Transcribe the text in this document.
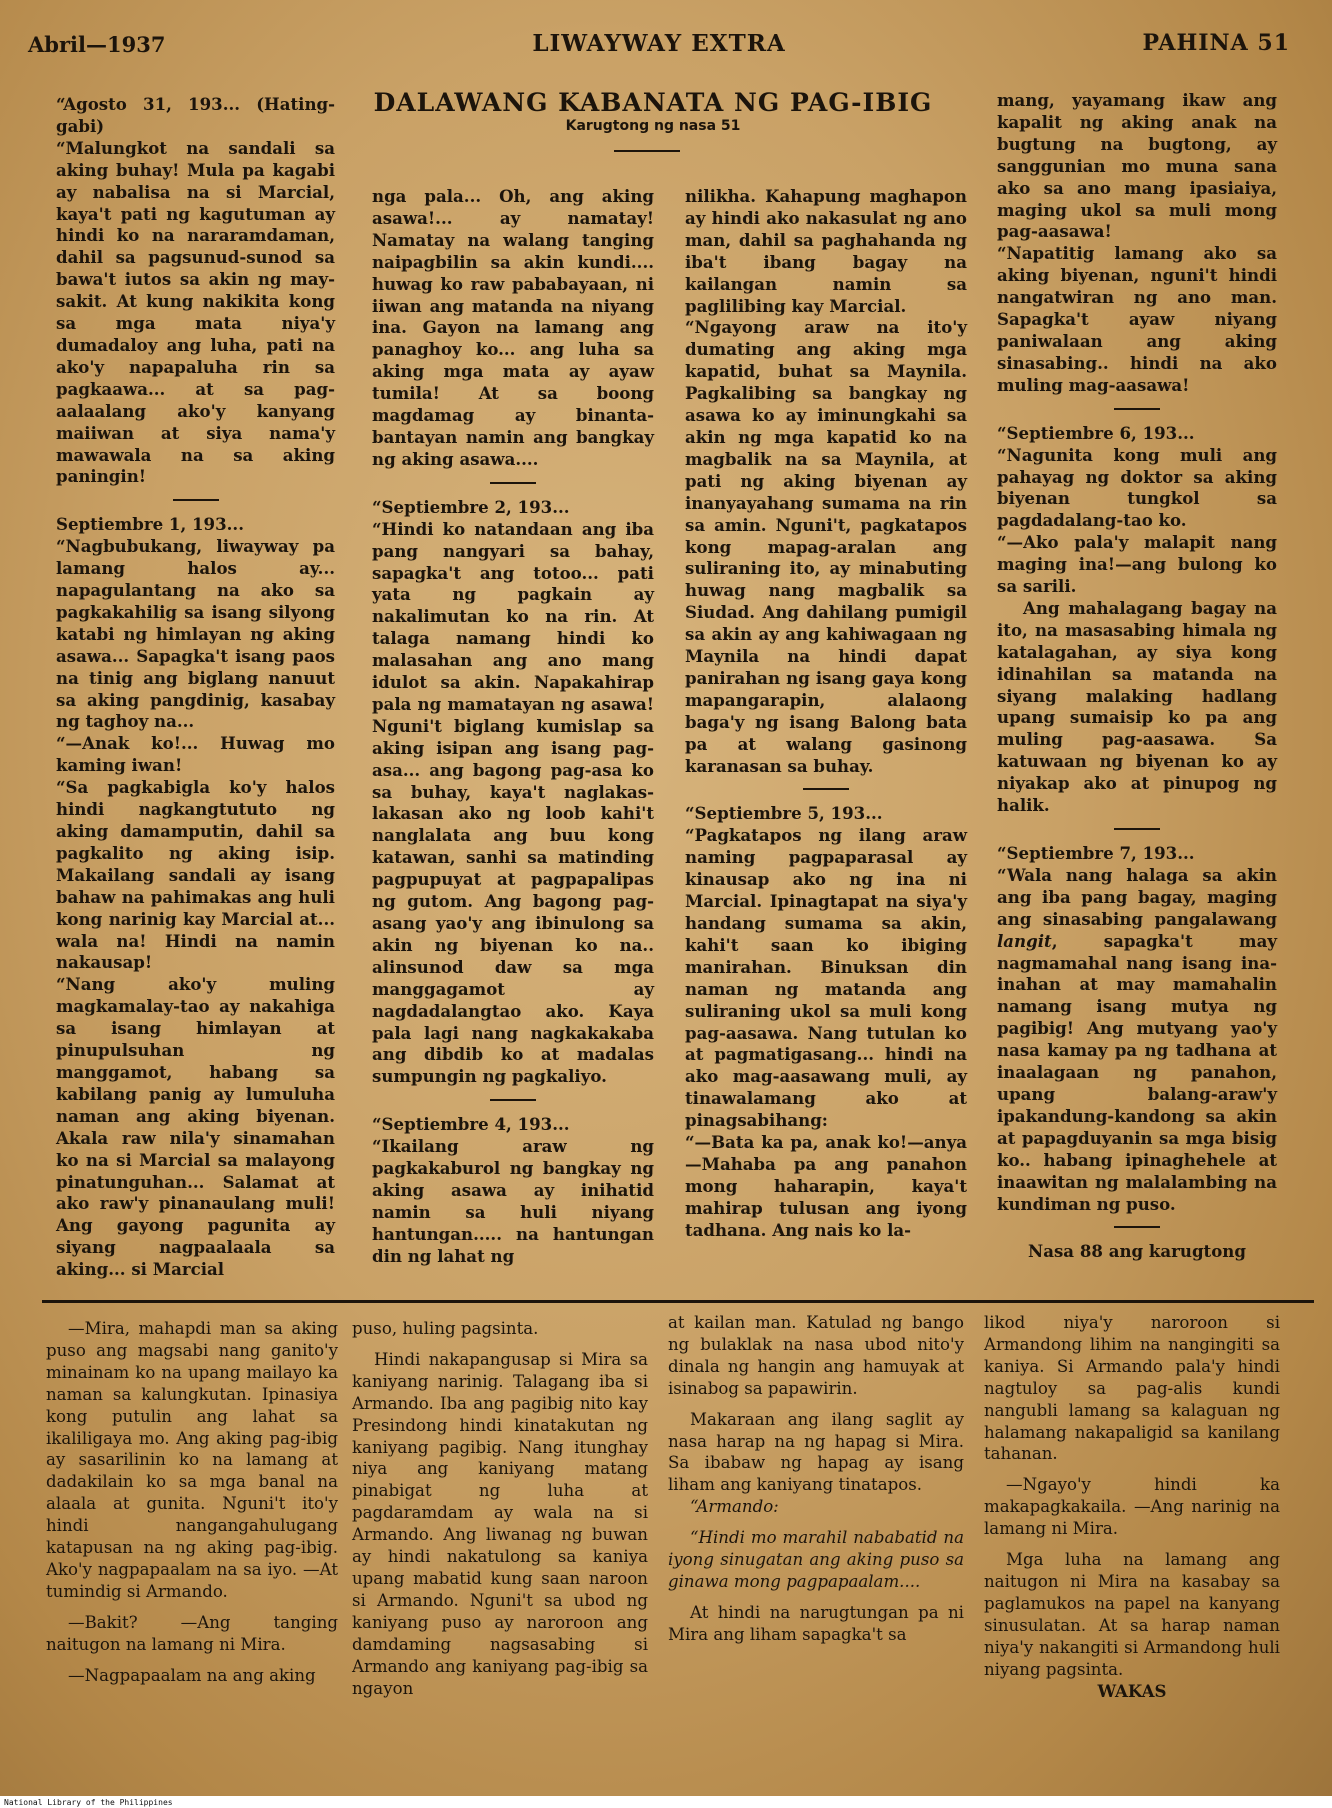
Abril—1937	LIWAYWAY EXTRA	PAHINA 51
DALAWANG KABANATA NG PAG-IBIG
Karugtong ng nasa 51

“Agosto 31, 193... (Hating-gabi)

“Malungkot na sandali sa aking buhay! Mula pa kagabi ay nabalisa na si Marcial, kaya't pati ng kagutuman ay hindi ko na nararamdaman, dahil sa pagsunud-sunod sa bawa't iutos sa akin ng may-sakit. At kung nakikita kong sa mga mata niya'y dumadaloy ang luha, pati na ako'y napapaluha rin sa pagkaawa... at sa pag-aalaalang ako'y kanyang maiiwan at siya nama'y mawawala na sa aking paningin!

Septiembre 1, 193...

“Nagbubukang, liwayway pa lamang halos ay... napagulantang na ako sa pagkakahilig sa isang silyong katabi ng himlayan ng aking asawa... Sapagka't isang paos na tinig ang biglang nanuut sa aking pangdinig, kasabay ng taghoy na...

“—Anak ko!... Huwag mo kaming iwan!

“Sa pagkabigla ko'y halos hindi nagkangtututo ng aking damamputin, dahil sa pagkalito ng aking isip. Makailang sandali ay isang bahaw na pahimakas ang huli kong narinig kay Marcial at... wala na! Hindi na namin nakausap!

“Nang ako'y muling magkamalay-tao ay nakahiga sa isang himlayan at pinupulsuhan ng manggamot, habang sa kabilang panig ay lumuluha naman ang aking biyenan. Akala raw nila'y sinamahan ko na si Marcial sa malayong pinatunguhan... Salamat at ako raw'y pinanaulang muli! Ang gayong pagunita ay siyang nagpaalaala sa aking... si Marcial

nga pala... Oh, ang aking asawa!... ay namatay! Namatay na walang tanging naipagbilin sa akin kundi.... huwag ko raw pababayaan, ni iiwan ang matanda na niyang ina. Gayon na lamang ang panaghoy ko... ang luha sa aking mga mata ay ayaw tumila! At sa boong magdamag ay binanta-bantayan namin ang bangkay ng aking asawa....

“Septiembre 2, 193...

“Hindi ko natandaan ang iba pang nangyari sa bahay, sapagka't ang totoo... pati yata ng pagkain ay nakalimutan ko na rin. At talaga namang hindi ko malasahan ang ano mang idulot sa akin. Napakahirap pala ng mamatayan ng asawa! Nguni't biglang kumislap sa aking isipan ang isang pag-asa... ang bagong pag-asa ko sa buhay, kaya't naglakas-lakasan ako ng loob kahi't nanglalata ang buu kong katawan, sanhi sa matinding pagpupuyat at pagpapalipas ng gutom. Ang bagong pag-asang yao'y ang ibinulong sa akin ng biyenan ko na.. alinsunod daw sa mga manggagamot ay nagdadalangtao ako. Kaya pala lagi nang nagkakakaba ang dibdib ko at madalas sumpungin ng pagkaliyo.

“Septiembre 4, 193...

“Ikailang araw ng pagkakaburol ng bangkay ng aking asawa ay inihatid namin sa huli niyang hantungan..... na hantungan din ng lahat ng

nilikha. Kahapung maghapon ay hindi ako nakasulat ng ano man, dahil sa paghahanda ng iba't ibang bagay na kailangan namin sa paglilibing kay Marcial.

“Ngayong araw na ito'y dumating ang aking mga kapatid, buhat sa Maynila. Pagkalibing sa bangkay ng asawa ko ay iminungkahi sa akin ng mga kapatid ko na magbalik na sa Maynila, at pati ng aking biyenan ay inanyayahang sumama na rin sa amin. Nguni't, pagkatapos kong mapag-aralan ang suliraning ito, ay minabuting huwag nang magbalik sa Siudad. Ang dahilang pumigil sa akin ay ang kahiwagaan ng Maynila na hindi dapat panirahan ng isang gaya kong mapangarapin, alalaong baga'y ng isang Balong bata pa at walang gasinong karanasan sa buhay.

“Septiembre 5, 193...

“Pagkatapos ng ilang araw naming pagpaparasal ay kinausap ako ng ina ni Marcial. Ipinagtapat na siya'y handang sumama sa akin, kahi't saan ko ibiging manirahan. Binuksan din naman ng matanda ang suliraning ukol sa muli kong pag-aasawa. Nang tutulan ko at pagmatigasang... hindi na ako mag-aasawang muli, ay tinawalamang ako at pinagsabihang:

“—Bata ka pa, anak ko!—anya—Mahaba pa ang panahon mong haharapin, kaya't mahirap tulusan ang iyong tadhana. Ang nais ko la-

mang, yayamang ikaw ang kapalit ng aking anak na bugtung na bugtong, ay sanggunian mo muna sana ako sa ano mang ipasiaiya, maging ukol sa muli mong pag-aasawa!

“Napatitig lamang ako sa aking biyenan, nguni't hindi nangatwiran ng ano man. Sapagka't ayaw niyang paniwalaan ang aking sinasabing.. hindi na ako muling mag-aasawa!

“Septiembre 6, 193...

“Nagunita kong muli ang pahayag ng doktor sa aking biyenan tungkol sa pagdadalang-tao ko.

“—Ako pala'y malapit nang maging ina!—ang bulong ko sa sarili.

Ang mahalagang bagay na ito, na masasabing himala ng katalagahan, ay siya kong idinahilan sa matanda na siyang malaking hadlang upang sumaisip ko pa ang muling pag-aasawa. Sa katuwaan ng biyenan ko ay niyakap ako at pinupog ng halik.

“Septiembre 7, 193...

“Wala nang halaga sa akin ang iba pang bagay, maging ang sinasabing pangalawang langit, sapagka't may nagmamahal nang isang ina-inahan at may mamahalin namang isang mutya ng pagibig! Ang mutyang yao'y nasa kamay pa ng tadhana at inaalagaan ng panahon, upang balang-araw'y ipakandung-kandong sa akin at papagduyanin sa mga bisig ko.. habang ipinaghehele at inaawitan ng malalambing na kundiman ng puso.

Nasa 88 ang karugtong

—Mira, mahapdi man sa aking puso ang magsabi nang ganito'y minainam ko na upang mailayo ka naman sa kalungkutan. Ipinasiya kong putulin ang lahat sa ikaliligaya mo. Ang aking pag-ibig ay sasarilinin ko na lamang at dadakilain ko sa mga banal na alaala at gunita. Nguni't ito'y hindi nangangahulugang katapusan na ng aking pag-ibig. Ako'y nagpapaalam na sa iyo. —At tumindig si Armando.

—Bakit? —Ang tanging naitugon na lamang ni Mira.

—Nagpapaalam na ang aking

puso, huling pagsinta.

Hindi nakapangusap si Mira sa kaniyang narinig. Talagang iba si Armando. Iba ang pagibig nito kay Presindong hindi kinatakutan ng kaniyang pagibig. Nang itunghay niya ang kaniyang matang pinabigat ng luha at pagdaramdam ay wala na si Armando. Ang liwanag ng buwan ay hindi nakatulong sa kaniya upang mabatid kung saan naroon si Armando. Nguni't sa ubod ng kaniyang puso ay naroroon ang damdaming nagsasabing si Armando ang kaniyang pag-ibig sa ngayon

at kailan man. Katulad ng bango ng bulaklak na nasa ubod nito'y dinala ng hangin ang hamuyak at isinabog sa papawirin.

Makaraan ang ilang saglit ay nasa harap na ng hapag si Mira. Sa ibabaw ng hapag ay isang liham ang kaniyang tinatapos.

“Armando:

“Hindi mo marahil nababatid na iyong sinugatan ang aking puso sa ginawa mong pagpapaalam....

At hindi na narugtungan pa ni Mira ang liham sapagka't sa

likod niya'y naroroon si Armandong lihim na nangingiti sa kaniya. Si Armando pala'y hindi nagtuloy sa pag-alis kundi nangubli lamang sa kalaguan ng halamang nakapaligid sa kanilang tahanan.

—Ngayo'y hindi ka makapagkakaila. —Ang narinig na lamang ni Mira.

Mga luha na lamang ang naitugon ni Mira na kasabay sa paglamukos na papel na kanyang sinusulatan. At sa harap naman niya'y nakangiti si Armandong huli niyang pagsinta.

WAKAS

National Library of the Philippines
